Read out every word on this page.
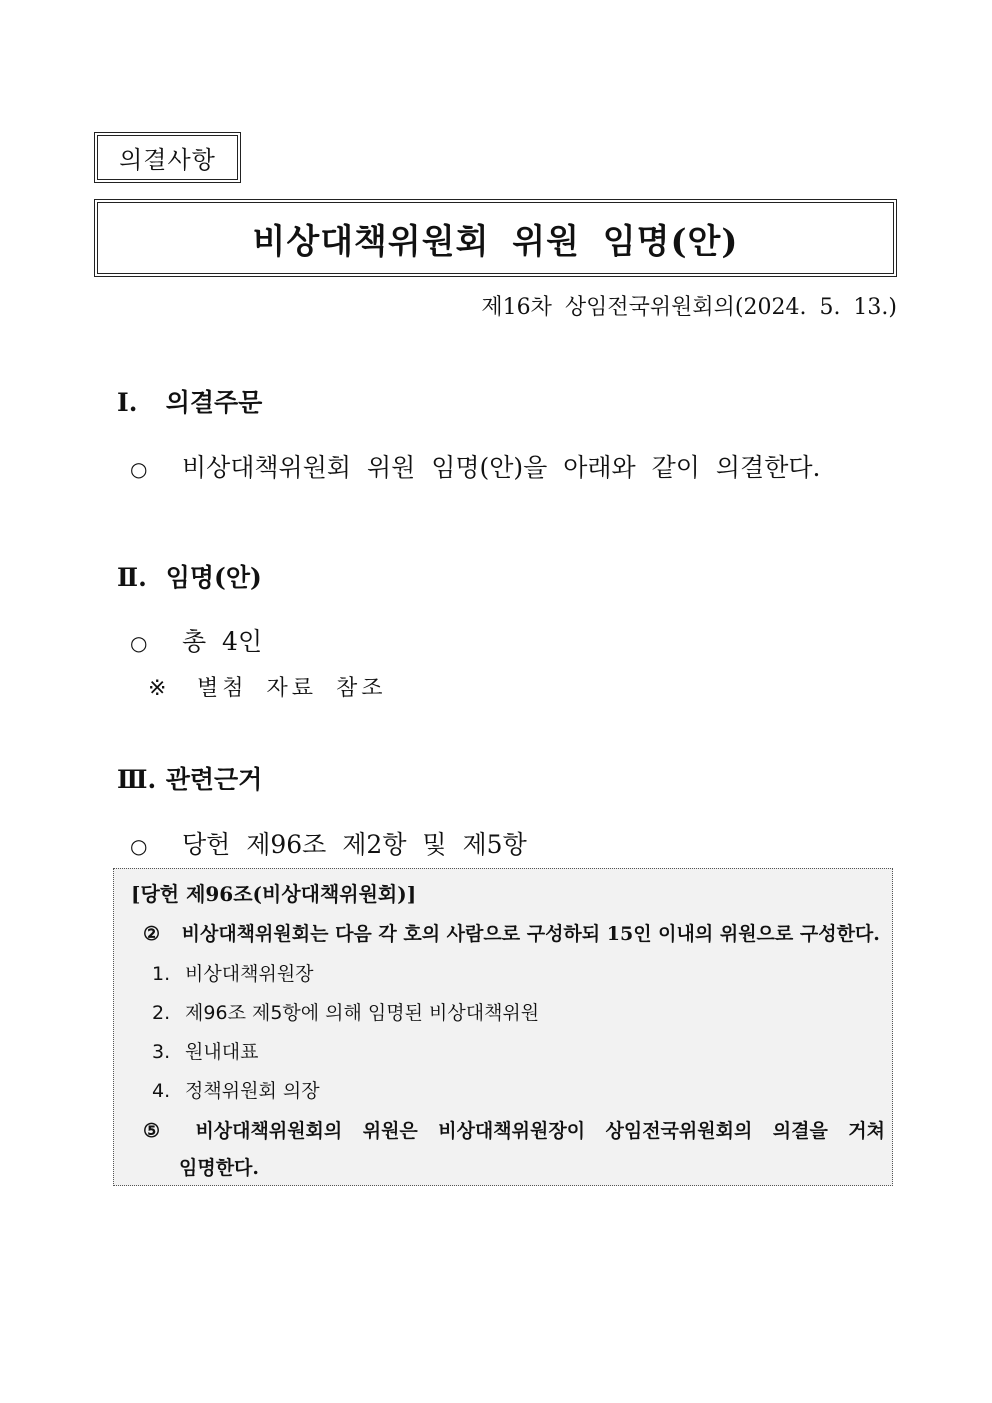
의결사항
비상대책위원회 위원 임명(안)
제16차 상임전국위원회의(2024. 5. 13.)
Ⅰ. 의결주문
○ 비상대책위원회 위원 임명(안)을 아래와 같이 의결한다.
Ⅱ. 임명(안)
○ 총 4인
※ 별첨 자료 참조
Ⅲ. 관련근거
○ 당헌 제96조 제2항 및 제5항
[당헌 제96조(비상대책위원회)]
② 비상대책위원회는 다음 각 호의 사람으로 구성하되 15인 이내의 위원으로 구성한다.
1. 비상대책위원장
2. 제96조 제5항에 의해 임명된 비상대책위원
3. 원내대표
4. 정책위원회 의장
⑤	비상대책위원회의 위원은 비상대책위원장이 상임전국위원회의 의결을 거쳐
임명한다.
